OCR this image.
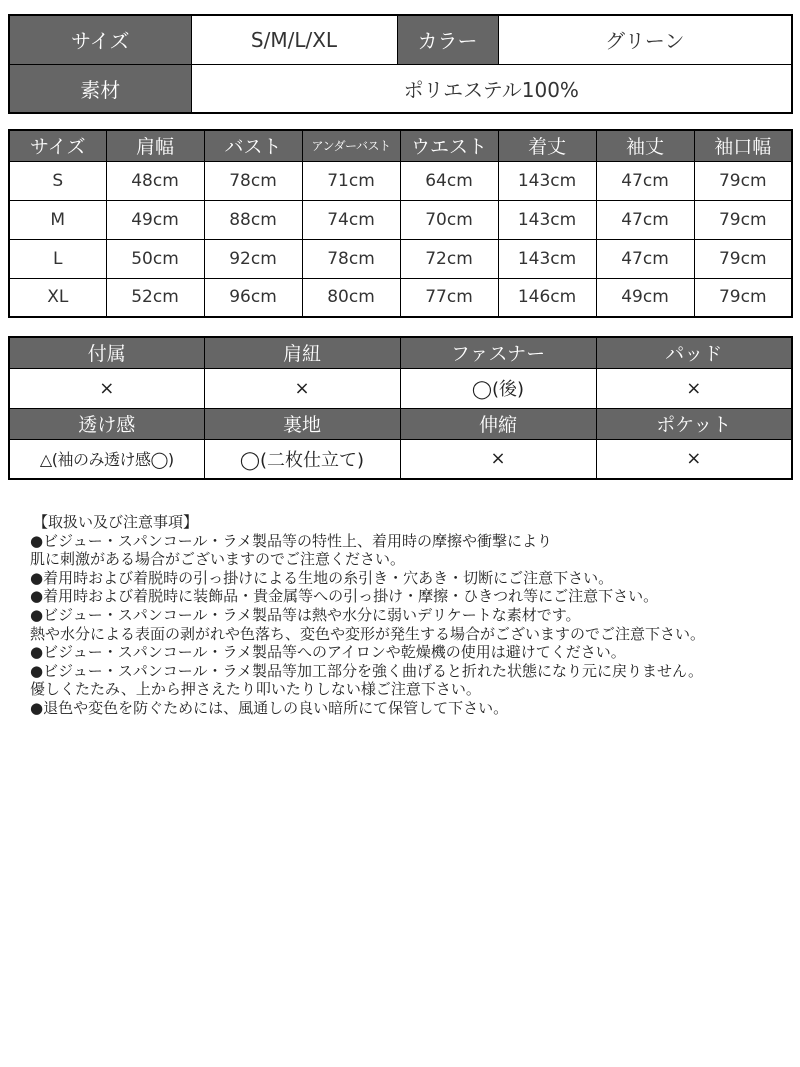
サイズ	S/M/L/XL	カラー	グリーン
素材	ポリエステル100%		
サイズ	肩幅	バスト	アンダーバスト	ウエスト	着丈	袖丈	袖口幅
S	48cm	78cm	71cm	64cm	143cm	47cm	79cm
M	49cm	88cm	74cm	70cm	143cm	47cm	79cm
L	50cm	92cm	78cm	72cm	143cm	47cm	79cm
XL	52cm	96cm	80cm	77cm	146cm	49cm	79cm
付属	肩紐	ファスナー	パッド
×	×	◯(後)	×
透け感	裏地	伸縮	ポケット
△(袖のみ透け感◯)	◯(二枚仕立て)	×	×
【取扱い及び注意事項】
●ビジュー・スパンコール・ラメ製品等の特性上、着用時の摩擦や衝撃により
肌に刺激がある場合がございますのでご注意ください。
●着用時および着脱時の引っ掛けによる生地の糸引き・穴あき・切断にご注意下さい。
●着用時および着脱時に装飾品・貴金属等への引っ掛け・摩擦・ひきつれ等にご注意下さい。
●ビジュー・スパンコール・ラメ製品等は熱や水分に弱いデリケートな素材です。
熱や水分による表面の剥がれや色落ち、変色や変形が発生する場合がございますのでご注意下さい。
●ビジュー・スパンコール・ラメ製品等へのアイロンや乾燥機の使用は避けてください。
●ビジュー・スパンコール・ラメ製品等加工部分を強く曲げると折れた状態になり元に戻りません。
優しくたたみ、上から押さえたり叩いたりしない様ご注意下さい。
●退色や変色を防ぐためには、風通しの良い暗所にて保管して下さい。
